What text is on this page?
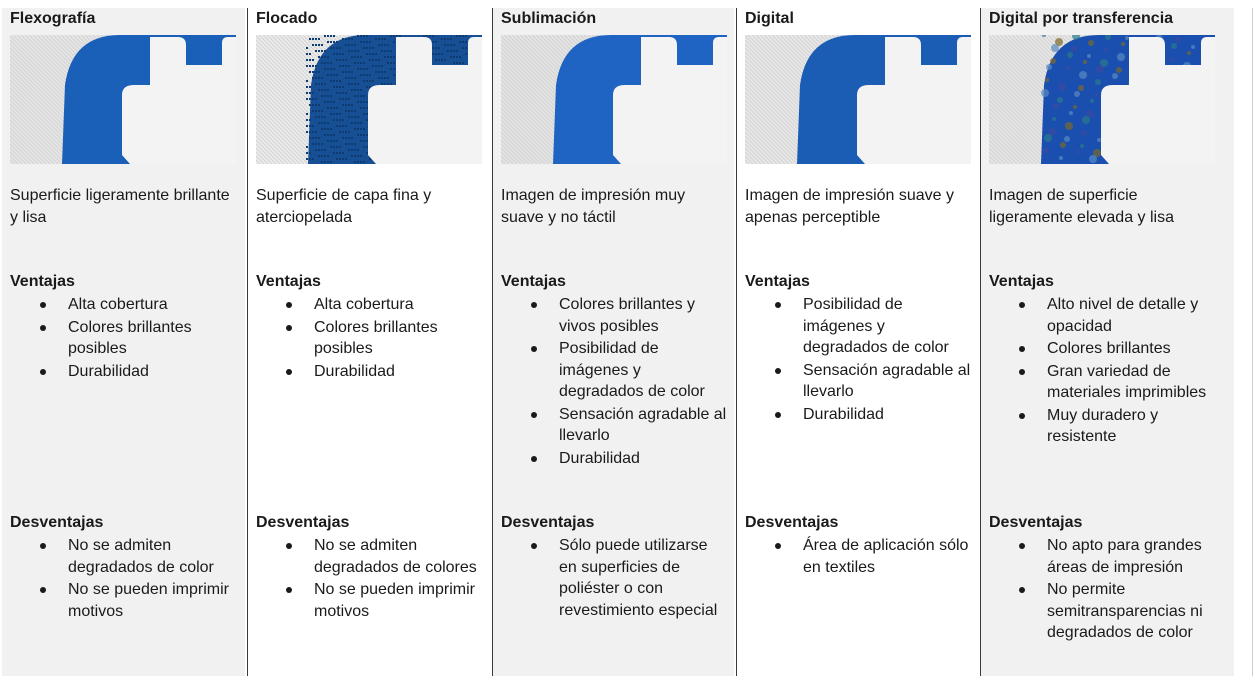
Flexografía
Superficie ligeramente brillante y lisa
Ventajas
Alta cobertura
Colores brillantes posibles
Durabilidad
Desventajas
No se admiten degradados de color
No se pueden imprimir motivos
Flocado
Superficie de capa fina y aterciopelada
Ventajas
Alta cobertura
Colores brillantes posibles
Durabilidad
Desventajas
No se admiten degradados de colores
No se pueden imprimir motivos
Sublimación
Imagen de impresión muy suave y no táctil
Ventajas
Colores brillantes y vivos posibles
Posibilidad de imágenes y degradados de color
Sensación agradable al llevarlo
Durabilidad
Desventajas
Sólo puede utilizarse en superficies de poliéster o con revestimiento especial
Digital
Imagen de impresión suave y apenas perceptible
Ventajas
Posibilidad de imágenes y degradados de color
Sensación agradable al llevarlo
Durabilidad
Desventajas
Área de aplicación sólo en textiles
Digital por transferencia
Imagen de superficie ligeramente elevada y lisa
Ventajas
Alto nivel de detalle y opacidad
Colores brillantes
Gran variedad de materiales imprimibles
Muy duradero y resistente
Desventajas
No apto para grandes áreas de impresión
No permite semitransparencias ni degradados de color
